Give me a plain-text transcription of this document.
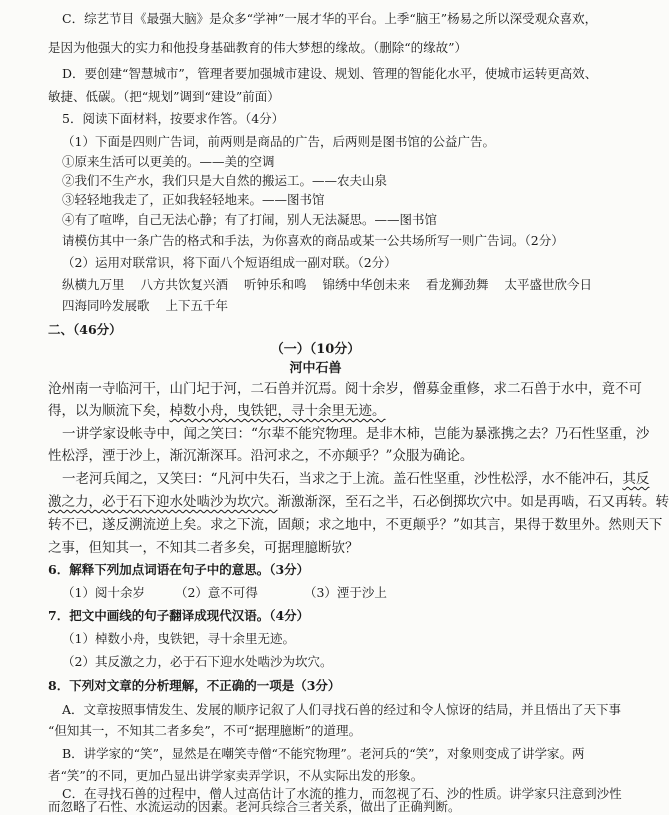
C．综艺节目《最强大脑》是众多“学神”一展才华的平台。上季“脑王”杨易之所以深受观众喜欢，
是因为他强大的实力和他投身基础教育的伟大梦想的缘故。（删除“的缘故”）
D．要创建“智慧城市”，管理者要加强城市建设、规划、管理的智能化水平，使城市运转更高效、
敏捷、低碳。（把“规划”调到“建设”前面）
5．阅读下面材料，按要求作答。（4分）
（1）下面是四则广告词，前两则是商品的广告，后两则是图书馆的公益广告。
①原来生活可以更美的。——美的空调
②我们不生产水，我们只是大自然的搬运工。——农夫山泉
③轻轻地我走了，正如我轻轻地来。——图书馆
④有了喧哗，自己无法心静；有了打闹，别人无法凝思。——图书馆
请模仿其中一条广告的格式和手法，为你喜欢的商品或某一公共场所写一则广告词。（2分）
（2）运用对联常识，将下面八个短语组成一副对联。（2分）
纵横九万里 八方共饮复兴酒 听钟乐和鸣 锦绣中华创未来 看龙狮劲舞 太平盛世欣今日
四海同吟发展歌 上下五千年
二、（46分）
（一）（10分）
河中石兽
沧州南一寺临河干，山门圮于河，二石兽并沉焉。阅十余岁，僧募金重修，求二石兽于水中，竟不可
得，以为顺流下矣，棹数小舟，曳铁钯，寻十余里无迹。
一讲学家设帐寺中，闻之笑曰：“尔辈不能究物理。是非木柿，岂能为暴涨携之去？乃石性坚重，沙
性松浮，湮于沙上，渐沉渐深耳。沿河求之，不亦颠乎？”众服为确论。
一老河兵闻之，又笑曰：“凡河中失石，当求之于上流。盖石性坚重，沙性松浮，水不能冲石，其反
激之力，必于石下迎水处啮沙为坎穴。渐激渐深，至石之半，石必倒掷坎穴中。如是再啮，石又再转。转
转不已，遂反溯流逆上矣。求之下流，固颠；求之地中，不更颠乎？”如其言，果得于数里外。然则天下
之事，但知其一，不知其二者多矣，可据理臆断欤？
6．解释下列加点词语在句子中的意思。（3分）
（1）阅十余岁 （2）意不可得	（3）湮于沙上
7．把文中画线的句子翻译成现代汉语。（4分）
（1）棹数小舟，曳铁钯，寻十余里无迹。
（2）其反激之力，必于石下迎水处啮沙为坎穴。
8．下列对文章的分析理解，不正确的一项是（3分）
A．文章按照事情发生、发展的顺序记叙了人们寻找石兽的经过和令人惊讶的结局，并且悟出了天下事
“但知其一，不知其二者多矣”，不可“据理臆断”的道理。
B．讲学家的“笑”，显然是在嘲笑寺僧“不能究物理”。老河兵的“笑”，对象则变成了讲学家。两
者“笑”的不同，更加凸显出讲学家卖弄学识，不从实际出发的形象。
C．在寻找石兽的过程中，僧人过高估计了水流的推力，而忽视了石、沙的性质。讲学家只注意到沙性
而忽略了石性、水流运动的因素。老河兵综合三者关系，做出了正确判断。
